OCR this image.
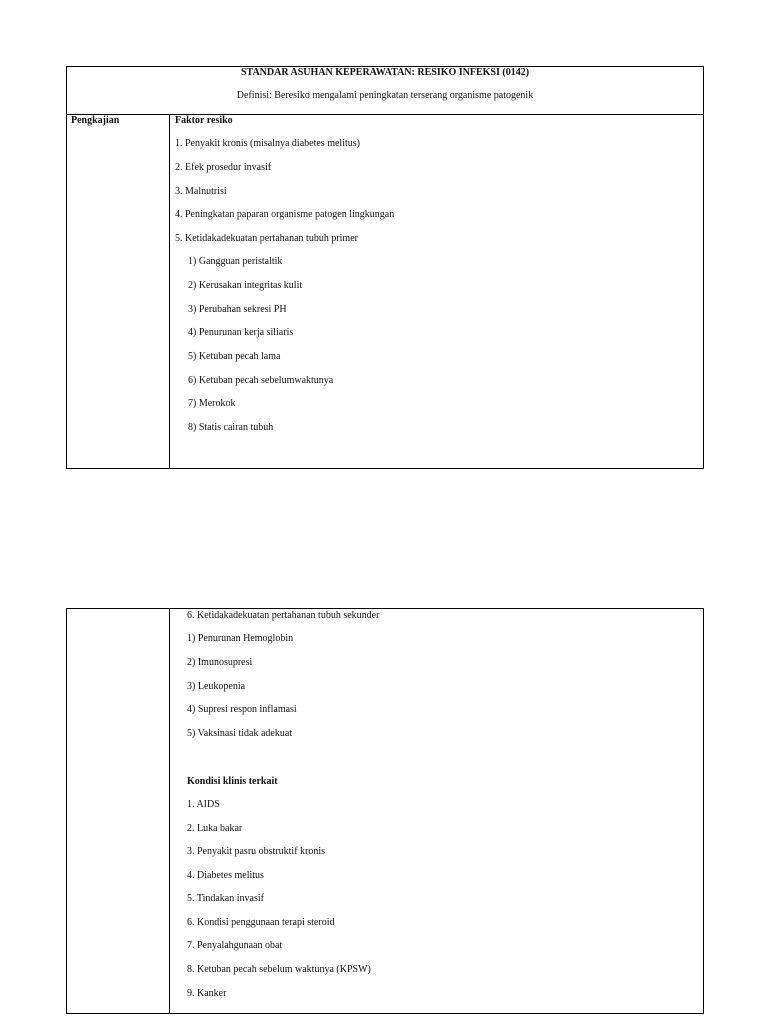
STANDAR ASUHAN KEPERAWATAN: RESIKO INFEKSI (0142)
Definisi: Beresiko mengalami peningkatan terserang organisme patogenik
Pengkajian	Faktor resiko
1. Penyakit kronis (misalnya diabetes melitus)
2. Efek prosedur invasif
3. Malnutrisi
4. Peningkatan paparan organisme patogen lingkungan
5. Ketidakadekuatan pertahanan tubuh primer
1) Gangguan peristaltik
2) Kerusakan integritas kulit
3) Perubahan sekresi PH
4) Penurunan kerja siliaris
5) Ketuban pecah lama
6) Ketuban pecah sebelumwaktunya
7) Merokok
8) Statis cairan tubuh
6. Ketidakadekuatan pertahanan tubuh sekunder
1) Penurunan Hemoglobin
2) Imunosupresi
3) Leukopenia
4) Supresi respon inflamasi
5) Vaksinasi tidak adekuat
Kondisi klinis terkait
1. AIDS
2. Luka bakar
3. Penyakit pasru obstruktif kronis
4. Diabetes melitus
5. Tindakan invasif
6. Kondisi penggunaan terapi steroid
7. Penyalahgunaan obat
8. Ketuban pecah sebelum waktunya (KPSW)
9. Kanker
